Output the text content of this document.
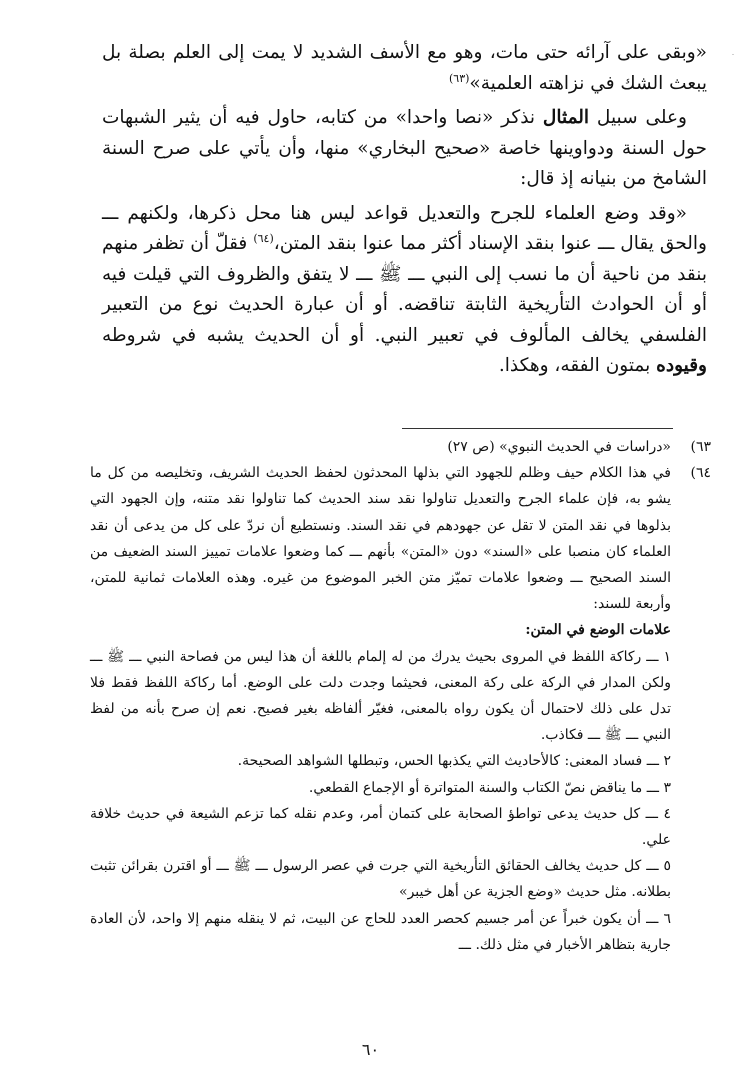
«وبقى على آرائه حتى مات، وهو مع الأسف الشديد لا يمت إلى العلم بصلة بل يبعث الشك في نزاهته العلمية»$^{(٦٣)}$

وعلى سبيل المثال نذكر «نصا واحدا» من كتابه، حاول فيه أن يثير الشبهات حول السنة ودواوينها خاصة «صحيح البخاري» منها، وأن يأتي على صرح السنة الشامخ من بنيانه إذ قال:

«وقد وضع العلماء للجرح والتعديل قواعد ليس هنا محل ذكرها، ولكنهم ـــ والحق يقال ـــ عنوا بنقد الإسناد أكثر مما عنوا بنقد المتن،$^{(٦٤)}$ فقلّ أن تظفر منهم بنقد من ناحية أن ما نسب إلى النبي ـــ ﷺ ـــ لا يتفق والظروف التي قيلت فيه أو أن الحوادث التأريخية الثابتة تناقضه. أو أن عبارة الحديث نوع من التعبير الفلسفي يخالف المألوف في تعبير النبي. أو أن الحديث يشبه في شروطه وقيوده بمتون الفقه، وهكذا.

٦٣)
«دراسات في الحديث النبوي» (ص ٢٧)
٦٤)
في هذا الكلام حيف وظلم للجهود التي بذلها المحدثون لحفظ الحديث الشريف، وتخليصه من كل ما يشو به، فإن علماء الجرح والتعديل تناولوا نقد سند الحديث كما تناولوا نقد متنه، وإن الجهود التي بذلوها في نقد المتن لا تقل عن جهودهم في نقد السند. ونستطيع أن نردّ على كل من يدعى أن نقد العلماء كان منصبا على «السند» دون «المتن» بأنهم ـــ كما وضعوا علامات تمييز السند الضعيف من السند الصحيح ـــ وضعوا علامات تميّز متن الخبر الموضوع من غيره. وهذه العلامات ثمانية للمتن، وأربعة للسند:
علامات الوضع في المتن:
١ ـــ ركاكة اللفظ في المروى بحيث يدرك من له إلمام باللغة أن هذا ليس من فصاحة النبي ـــ ﷺ ـــ ولكن المدار في الركة على ركة المعنى، فحيثما وجدت دلت على الوضع. أما ركاكة اللفظ فقط فلا تدل على ذلك لاحتمال أن يكون رواه بالمعنى، فغيّر ألفاظه بغير فصيح. نعم إن صرح بأنه من لفظ النبي ـــ ﷺ ـــ فكاذب.
٢ ـــ فساد المعنى: كالأحاديث التي يكذبها الحس، وتبطلها الشواهد الصحيحة.
٣ ـــ ما يناقض نصّ الكتاب والسنة المتواترة أو الإجماع القطعي.
٤ ـــ كل حديث يدعى تواطؤ الصحابة على كتمان أمر، وعدم نقله كما تزعم الشيعة في حديث خلافة علي.
٥ ـــ كل حديث يخالف الحقائق التأريخية التي جرت في عصر الرسول ـــ ﷺ ـــ أو اقترن بقرائن تثبت بطلانه. مثل حديث «وضع الجزية عن أهل خيبر»
٦ ـــ أن يكون خبراً عن أمر جسيم كحصر العدد للحاج عن البيت، ثم لا ينقله منهم إلا واحد، لأن العادة جارية بتظاهر الأخبار في مثل ذلك. ـــ
٦٠
